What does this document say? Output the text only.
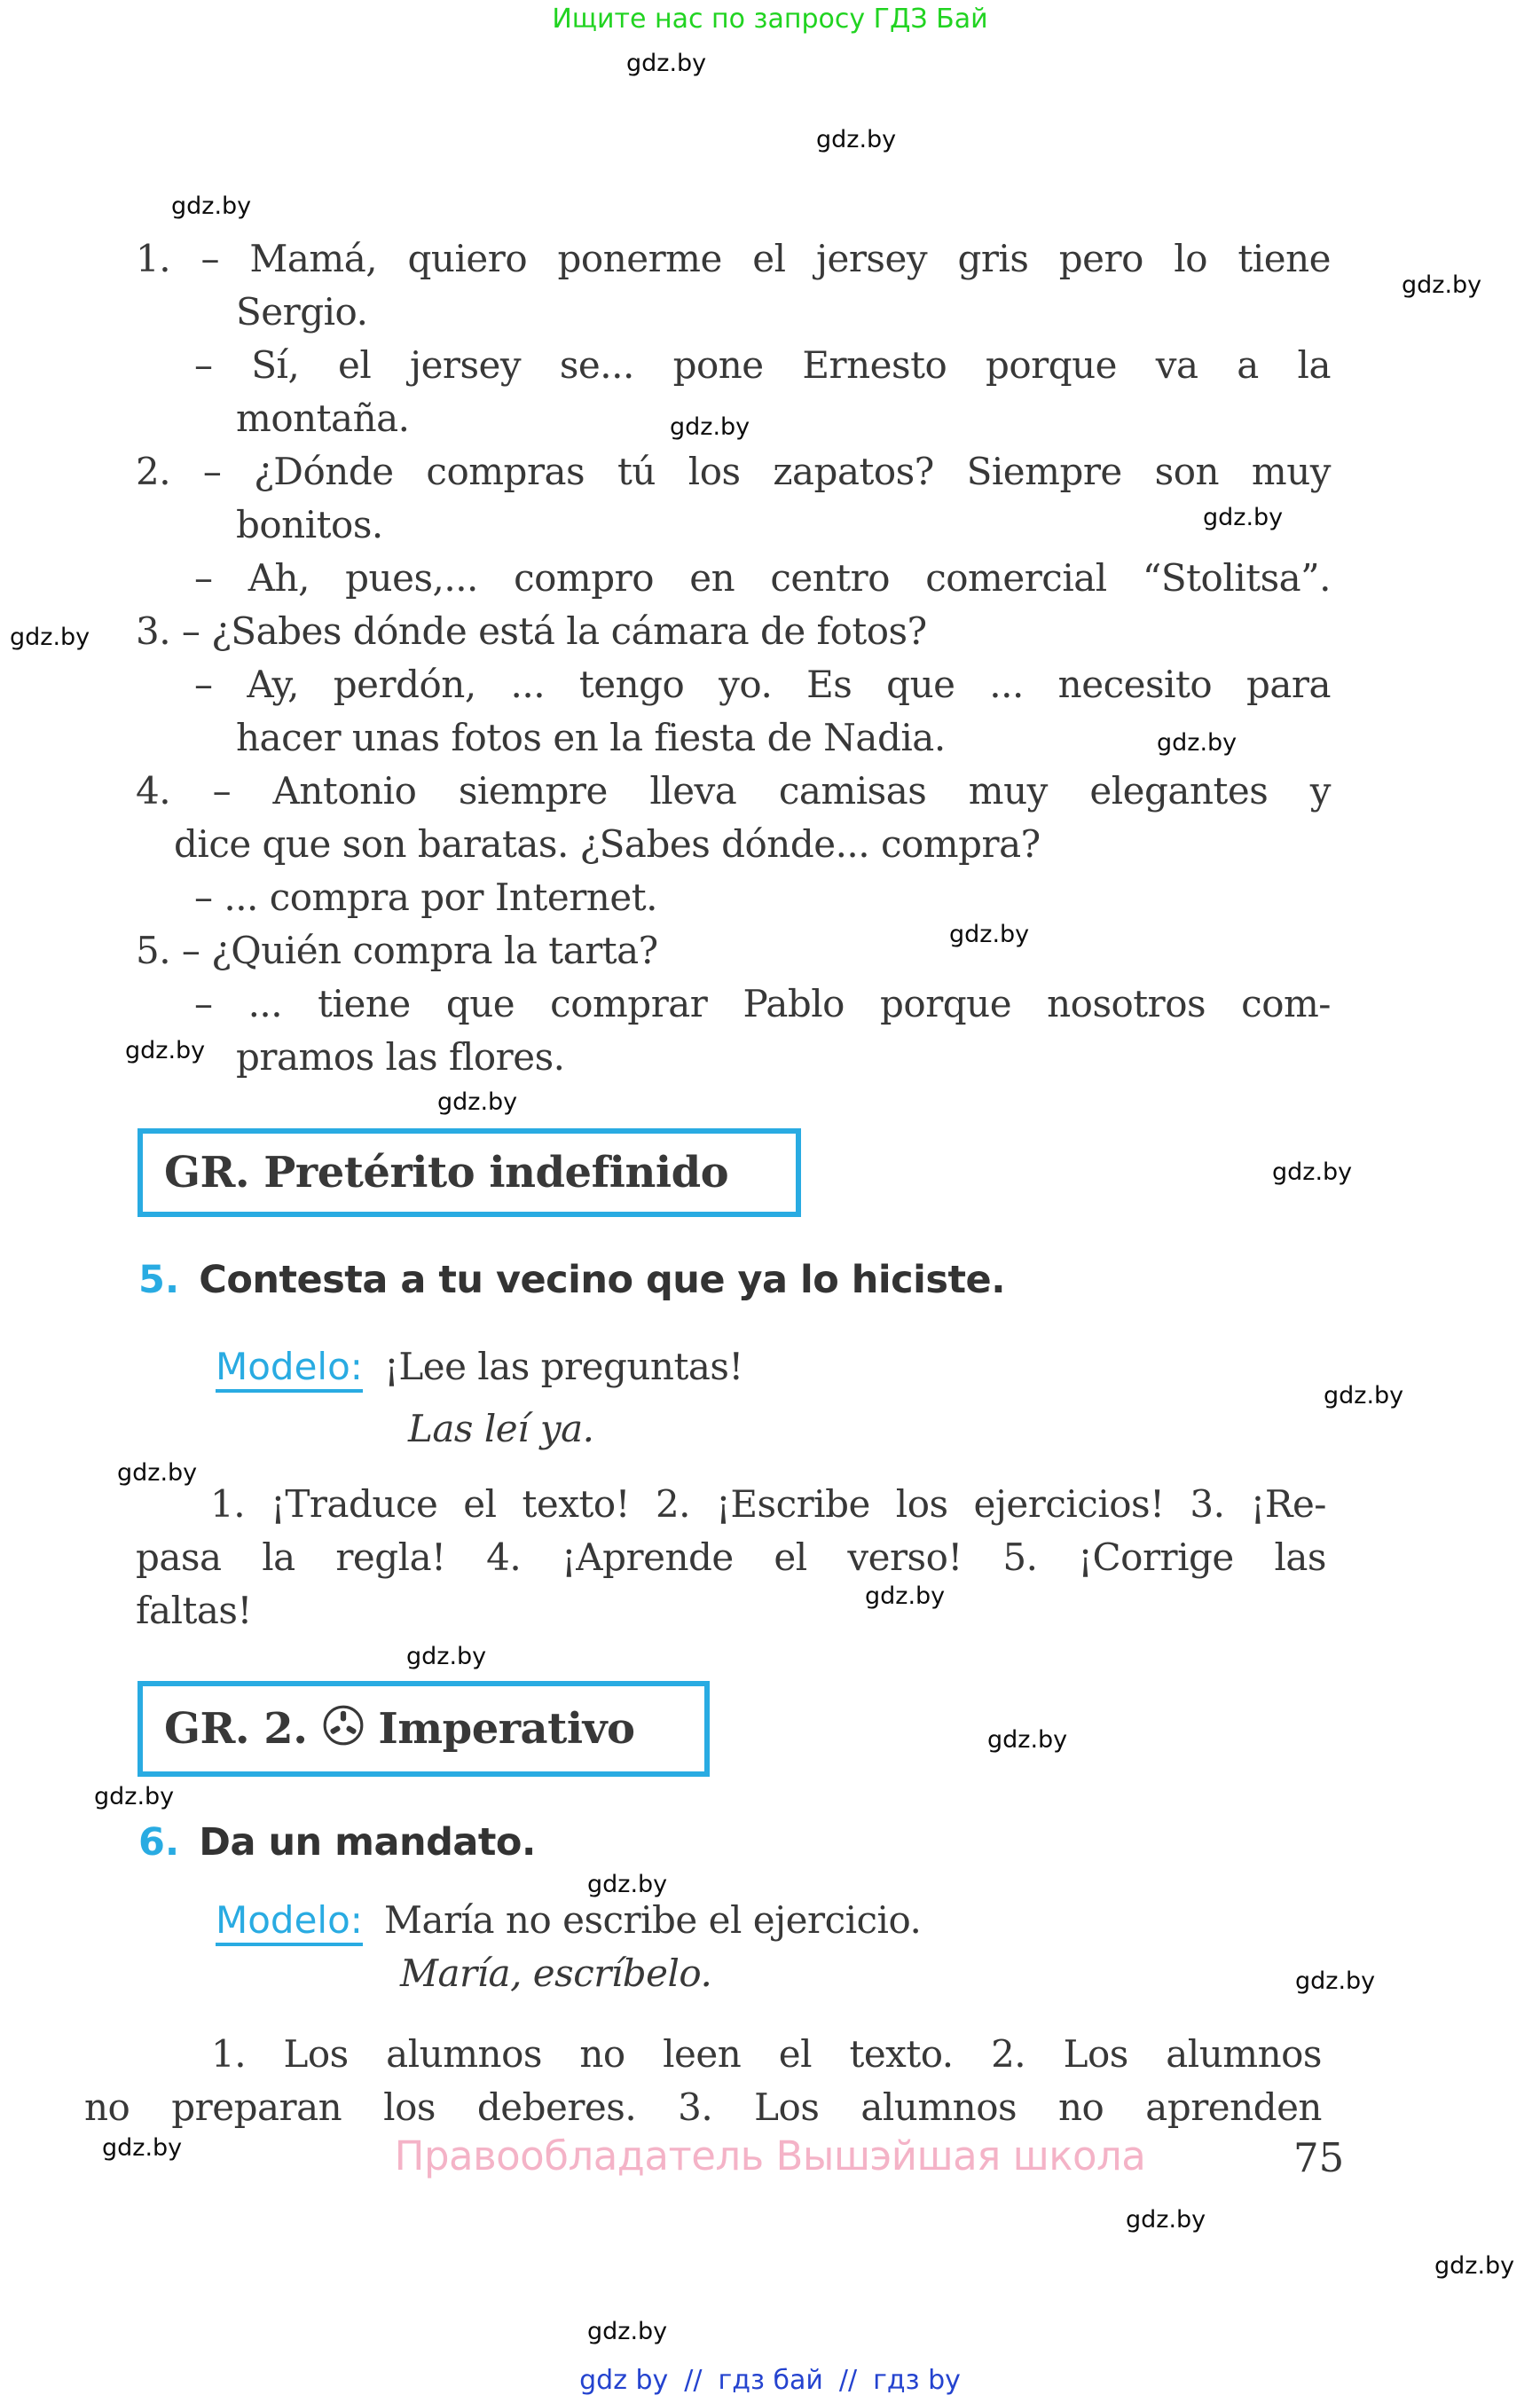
Ищите нас по запросу ГДЗ Бай
gdz.by
gdz.by
gdz.by
gdz.by
gdz.by
gdz.by
gdz.by
gdz.by
gdz.by
gdz.by
gdz.by
gdz.by
gdz.by
gdz.by
gdz.by
gdz.by
gdz.by
gdz.by
gdz.by
gdz.by
gdz.by
gdz.by
gdz.by
gdz.by
1. – Mamá, quiero ponerme el jersey gris pero lo tiene
Sergio.
– Sí, el jersey se... pone Ernesto porque va a la
montaña.
2. – ¿Dónde compras tú los zapatos? Siempre son muy
bonitos.
– Ah, pues,... compro en centro comercial “Stolitsa”.
3. – ¿Sabes dónde está la cámara de fotos?
– Ay, perdón, ... tengo yo. Es que ... necesito para
hacer unas fotos en la fiesta de Nadia.
4. – Antonio siempre lleva camisas muy elegantes y
dice que son baratas. ¿Sabes dónde... compra?
– ... compra por Internet.
5. – ¿Quién compra la tarta?
– ... tiene que comprar Pablo porque nosotros com-
pramos las flores.
GR. Pretérito indefinido
5. Contesta a tu vecino que ya lo hiciste.
Modelo: ¡Lee las preguntas!
Las leí ya.
1. ¡Traduce el texto! 2. ¡Escribe los ejercicios! 3. ¡Re-
pasa la regla! 4. ¡Aprende el verso! 5. ¡Corrige las
faltas!
GR. 2. Imperativo
6. Da un mandato.
Modelo: María no escribe el ejercicio.
María, escríbelo.
1. Los alumnos no leen el texto. 2. Los alumnos
no preparan los deberes. 3. Los alumnos no aprenden
Правообладатель Вышэйшая школа	75
gdz by // гдз бай // гдз by
